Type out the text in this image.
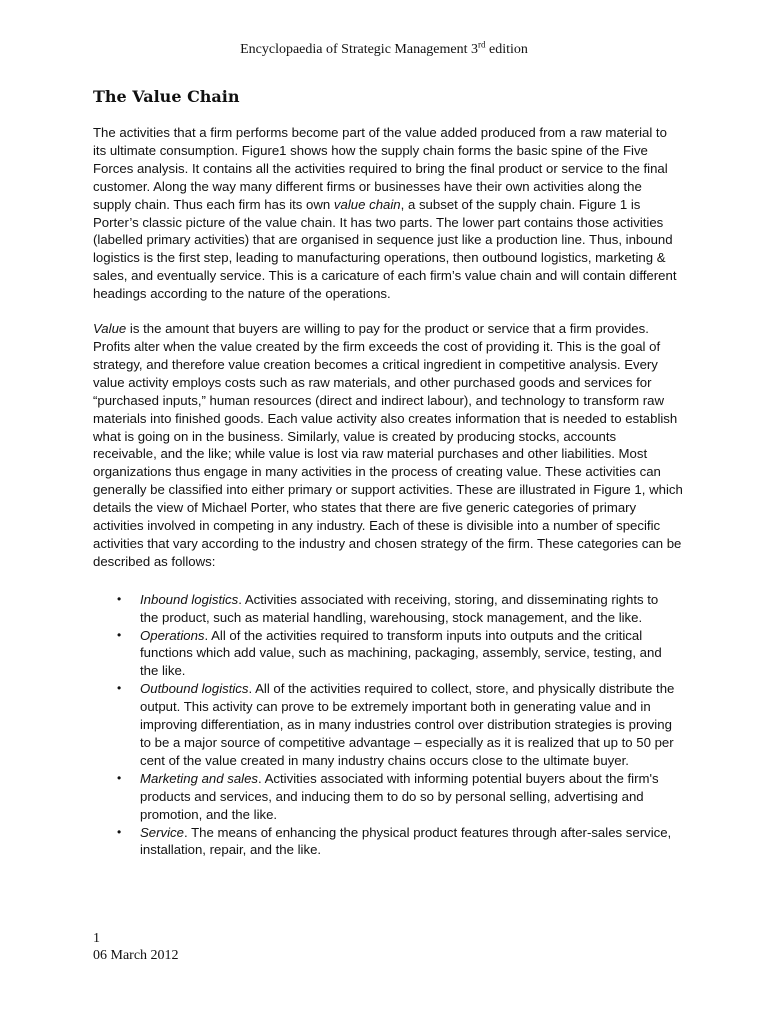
Encyclopaedia of Strategic Management 3rd edition
The Value Chain

The activities that a firm performs become part of the value added produced from a raw material to its ultimate consumption. Figure1 shows how the supply chain forms the basic spine of the Five Forces analysis. It contains all the activities required to bring the final product or service to the final customer. Along the way many different firms or businesses have their own activities along the supply chain. Thus each firm has its own value chain, a subset of the supply chain. Figure 1 is Porter’s classic picture of the value chain. It has two parts. The lower part contains those activities (labelled primary activities) that are organised in sequence just like a production line. Thus, inbound logistics is the first step, leading to manufacturing operations, then outbound logistics, marketing & sales, and eventually service. This is a caricature of each firm’s value chain and will contain different headings according to the nature of the operations.

Value is the amount that buyers are willing to pay for the product or service that a firm provides. Profits alter when the value created by the firm exceeds the cost of providing it. This is the goal of strategy, and therefore value creation becomes a critical ingredient in competitive analysis. Every value activity employs costs such as raw materials, and other purchased goods and services for “purchased inputs,” human resources (direct and indirect labour), and technology to transform raw materials into finished goods. Each value activity also creates information that is needed to establish what is going on in the business. Similarly, value is created by producing stocks, accounts receivable, and the like; while value is lost via raw material purchases and other liabilities. Most organizations thus engage in many activities in the process of creating value. These activities can generally be classified into either primary or support activities. These are illustrated in Figure 1, which details the view of Michael Porter, who states that there are five generic categories of primary activities involved in competing in any industry. Each of these is divisible into a number of specific activities that vary according to the industry and chosen strategy of the firm. These categories can be described as follows:

• Inbound logistics. Activities associated with receiving, storing, and disseminating rights to the product, such as material handling, warehousing, stock management, and the like.
• Operations. All of the activities required to transform inputs into outputs and the critical functions which add value, such as machining, packaging, assembly, service, testing, and the like.
• Outbound logistics. All of the activities required to collect, store, and physically distribute the output. This activity can prove to be extremely important both in generating value and in improving differentiation, as in many industries control over distribution strategies is proving to be a major source of competitive advantage – especially as it is realized that up to 50 per cent of the value created in many industry chains occurs close to the ultimate buyer.
• Marketing and sales. Activities associated with informing potential buyers about the firm's products and services, and inducing them to do so by personal selling, advertising and promotion, and the like.
• Service. The means of enhancing the physical product features through after-sales service, installation, repair, and the like.
1
06 March 2012
